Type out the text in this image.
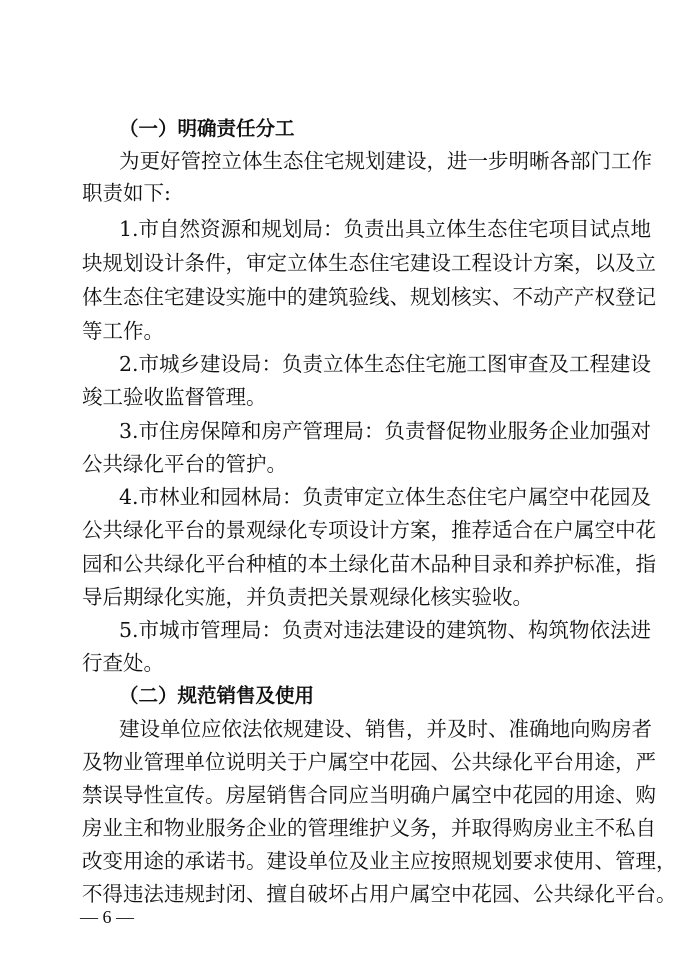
（一）明确责任分工
为更好管控立体生态住宅规划建设，进一步明晰各部门工作
职责如下:
1.市自然资源和规划局：负责出具立体生态住宅项目试点地
块规划设计条件，审定立体生态住宅建设工程设计方案，以及立
体生态住宅建设实施中的建筑验线、规划核实、不动产产权登记
等工作。
2.市城乡建设局：负责立体生态住宅施工图审查及工程建设
竣工验收监督管理。
3.市住房保障和房产管理局：负责督促物业服务企业加强对
公共绿化平台的管护。
4.市林业和园林局：负责审定立体生态住宅户属空中花园及
公共绿化平台的景观绿化专项设计方案，推荐适合在户属空中花
园和公共绿化平台种植的本土绿化苗木品种目录和养护标准，指
导后期绿化实施，并负责把关景观绿化核实验收。
5.市城市管理局：负责对违法建设的建筑物、构筑物依法进
行查处。
（二）规范销售及使用
建设单位应依法依规建设、销售，并及时、准确地向购房者
及物业管理单位说明关于户属空中花园、公共绿化平台用途，严
禁误导性宣传。房屋销售合同应当明确户属空中花园的用途、购
房业主和物业服务企业的管理维护义务，并取得购房业主不私自
改变用途的承诺书。建设单位及业主应按照规划要求使用、管理，
不得违法违规封闭、擅自破坏占用户属空中花园、公共绿化平台。
— 6 —
